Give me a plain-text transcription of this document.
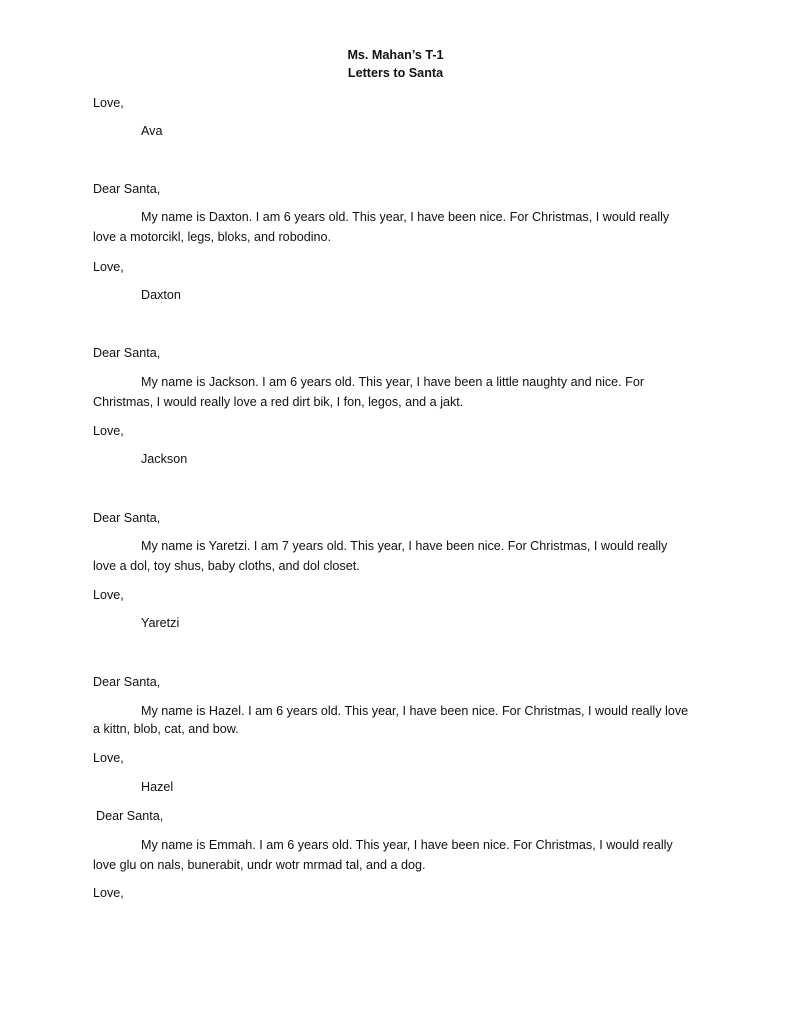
Ms. Mahan’s T-1

Letters to Santa

Love,

Ava

Dear Santa,

My name is Daxton. I am 6 years old. This year, I have been nice. For Christmas, I would really

love a motorcikl, legs, bloks, and robodino.

Love,

Daxton

Dear Santa,

My name is Jackson. I am 6 years old. This year, I have been a little naughty and nice. For

Christmas, I would really love a red dirt bik, I fon, legos, and a jakt.

Love,

Jackson

Dear Santa,

My name is Yaretzi. I am 7 years old. This year, I have been nice. For Christmas, I would really

love a dol, toy shus, baby cloths, and dol closet.

Love,

Yaretzi

Dear Santa,

My name is Hazel. I am 6 years old. This year, I have been nice. For Christmas, I would really love

a kittn, blob, cat, and bow.

Love,

Hazel

Dear Santa,

My name is Emmah. I am 6 years old. This year, I have been nice. For Christmas, I would really

love glu on nals, bunerabit, undr wotr mrmad tal, and a dog.

Love,
